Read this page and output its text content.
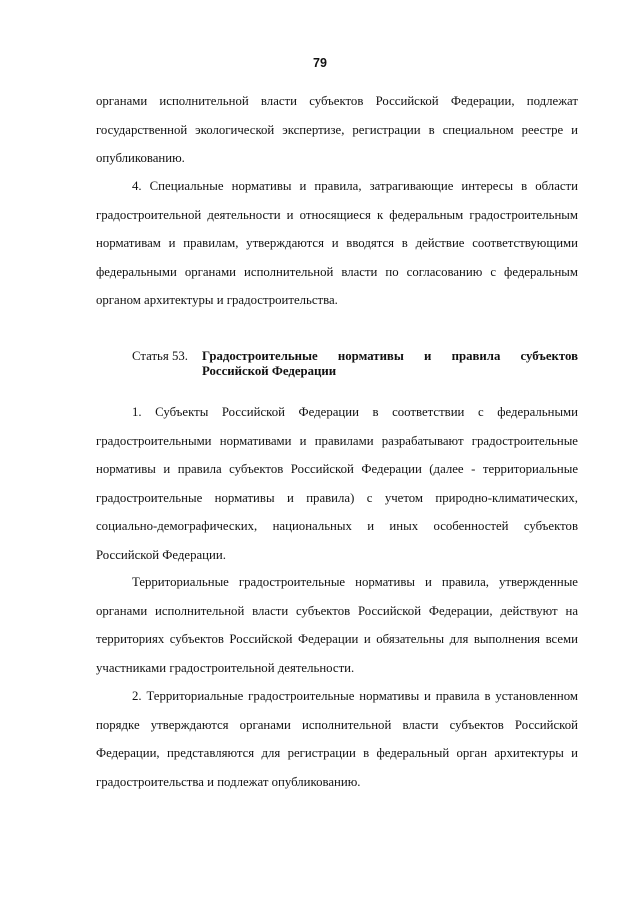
79

органами исполнительной власти субъектов Российской Федерации, подлежат государственной экологической экспертизе, регистрации в специальном реестре и опубликованию.

4. Специальные нормативы и правила, затрагивающие интересы в области градостроительной деятельности и относящиеся к федеральным градостроительным нормативам и правилам, утверждаются и вводятся в действие соответствующими федеральными органами исполнительной власти по согласованию с федеральным органом архитектуры и градостроительства.

Статья 53. Градостроительные нормативы и правила субъектов Российской Федерации

1. Субъекты Российской Федерации в соответствии с федеральными градостроительными нормативами и правилами разрабатывают градостроительные нормативы и правила субъектов Российской Федерации (далее - территориальные градостроительные нормативы и правила) с учетом природно-климатических, социально-демографических, национальных и иных особенностей субъектов Российской Федерации.

Территориальные градостроительные нормативы и правила, утвержденные органами исполнительной власти субъектов Российской Федерации, действуют на территориях субъектов Российской Федерации и обязательны для выполнения всеми участниками градостроительной деятельности.

2. Территориальные градостроительные нормативы и правила в установленном порядке утверждаются органами исполнительной власти субъектов Российской Федерации, представляются для регистрации в федеральный орган архитектуры и градостроительства и подлежат опубликованию.
